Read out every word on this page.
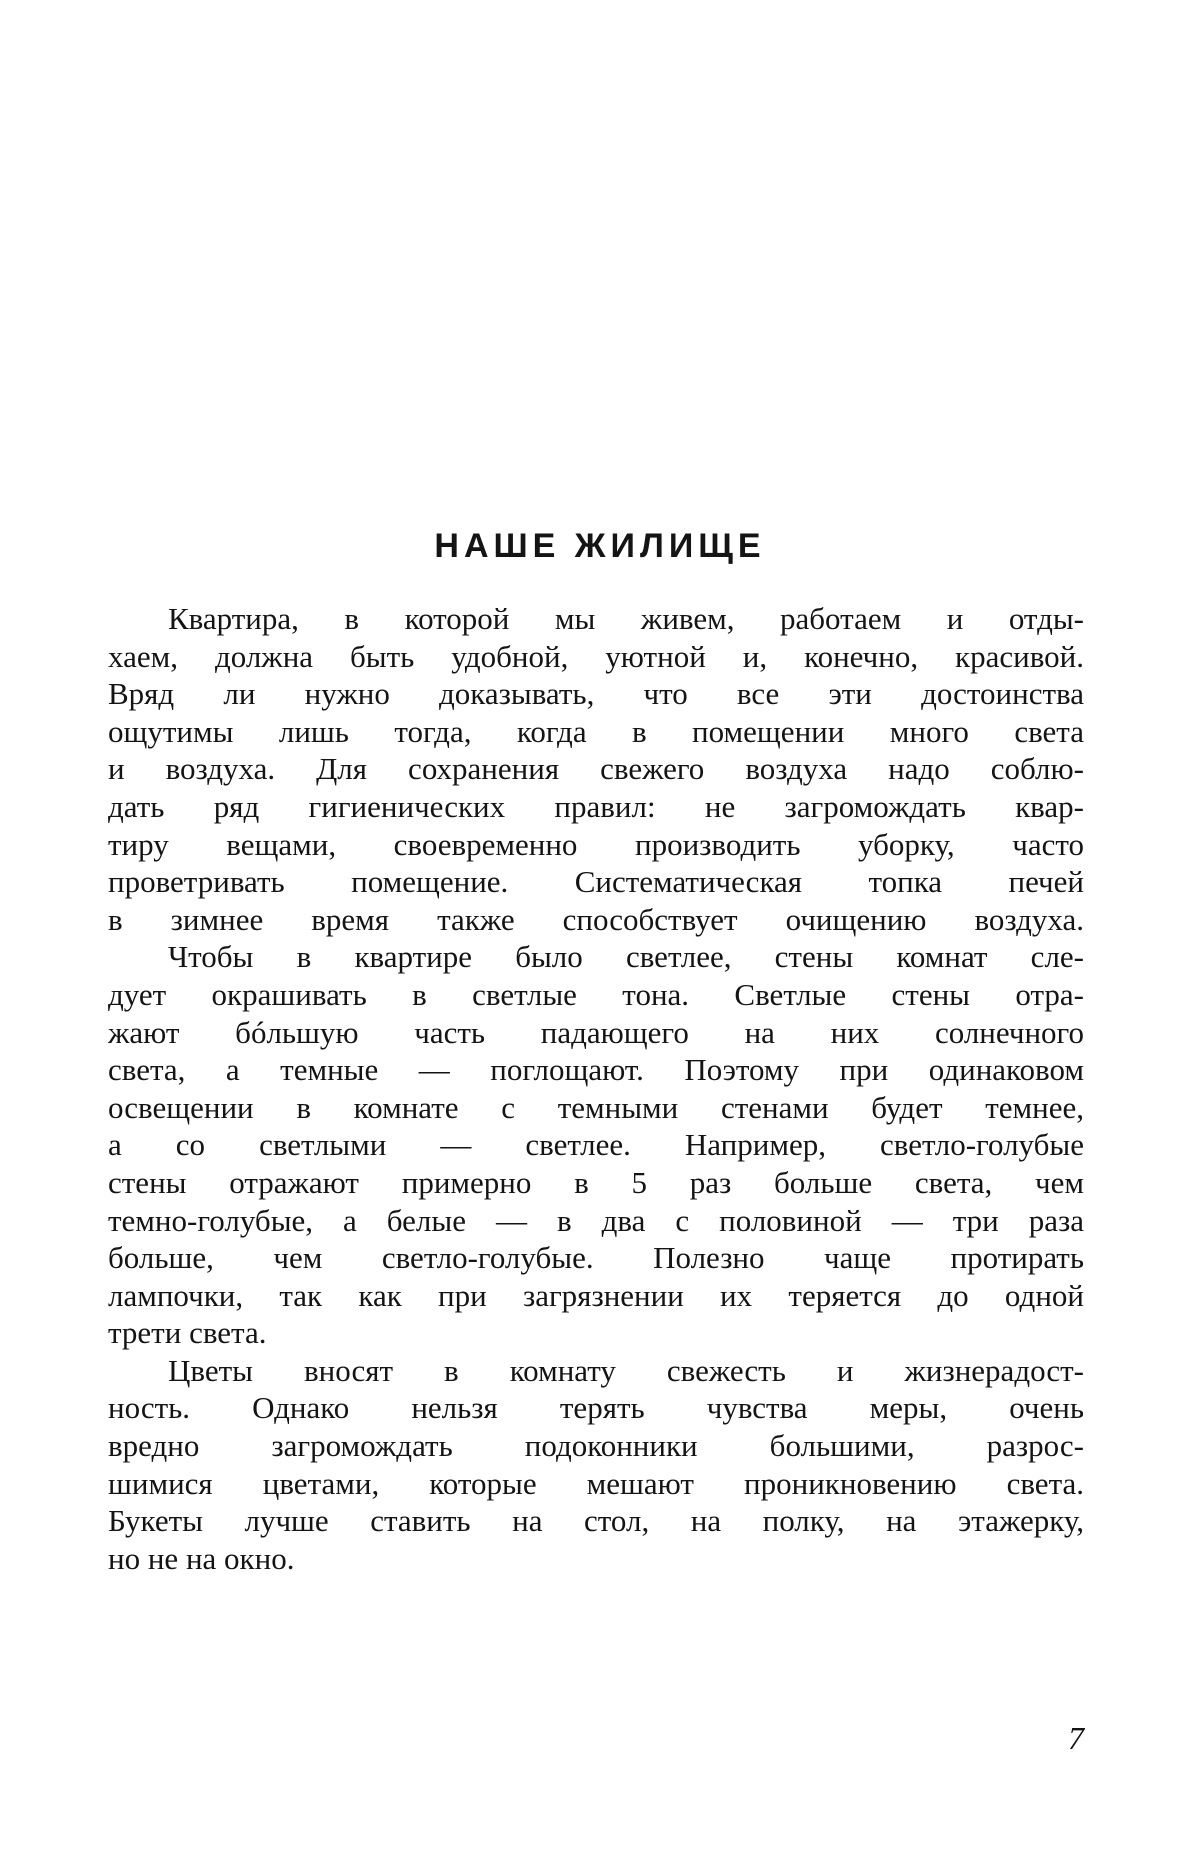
НАШЕ ЖИЛИЩЕ

Квартира, в которой мы живем, работаем и отды-
хаем, должна быть удобной, уютной и, конечно, красивой.
Вряд ли нужно доказывать, что все эти достоинства
ощутимы лишь тогда, когда в помещении много света
и воздуха. Для сохранения свежего воздуха надо соблю-
дать ряд гигиенических правил: не загромождать квар-
тиру вещами, своевременно производить уборку, часто
проветривать помещение. Систематическая топка печей
в зимнее время также способствует очищению воздуха.

Чтобы в квартире было светлее, стены комнат сле-
дует окрашивать в светлые тона. Светлые стены отра-
жают бóльшую часть падающего на них солнечного
света, а темные — поглощают. Поэтому при одинаковом
освещении в комнате с темными стенами будет темнее,
а со светлыми — светлее. Например, светло-голубые
стены отражают примерно в 5 раз больше света, чем
темно-голубые, а белые — в два с половиной — три раза
больше, чем светло-голубые. Полезно чаще протирать
лампочки, так как при загрязнении их теряется до одной
трети света.

Цветы вносят в комнату свежесть и жизнерадост-
ность. Однако нельзя терять чувства меры, очень
вредно загромождать подоконники большими, разрос-
шимися цветами, которые мешают проникновению света.
Букеты лучше ставить на стол, на полку, на этажерку,
но не на окно.

7
